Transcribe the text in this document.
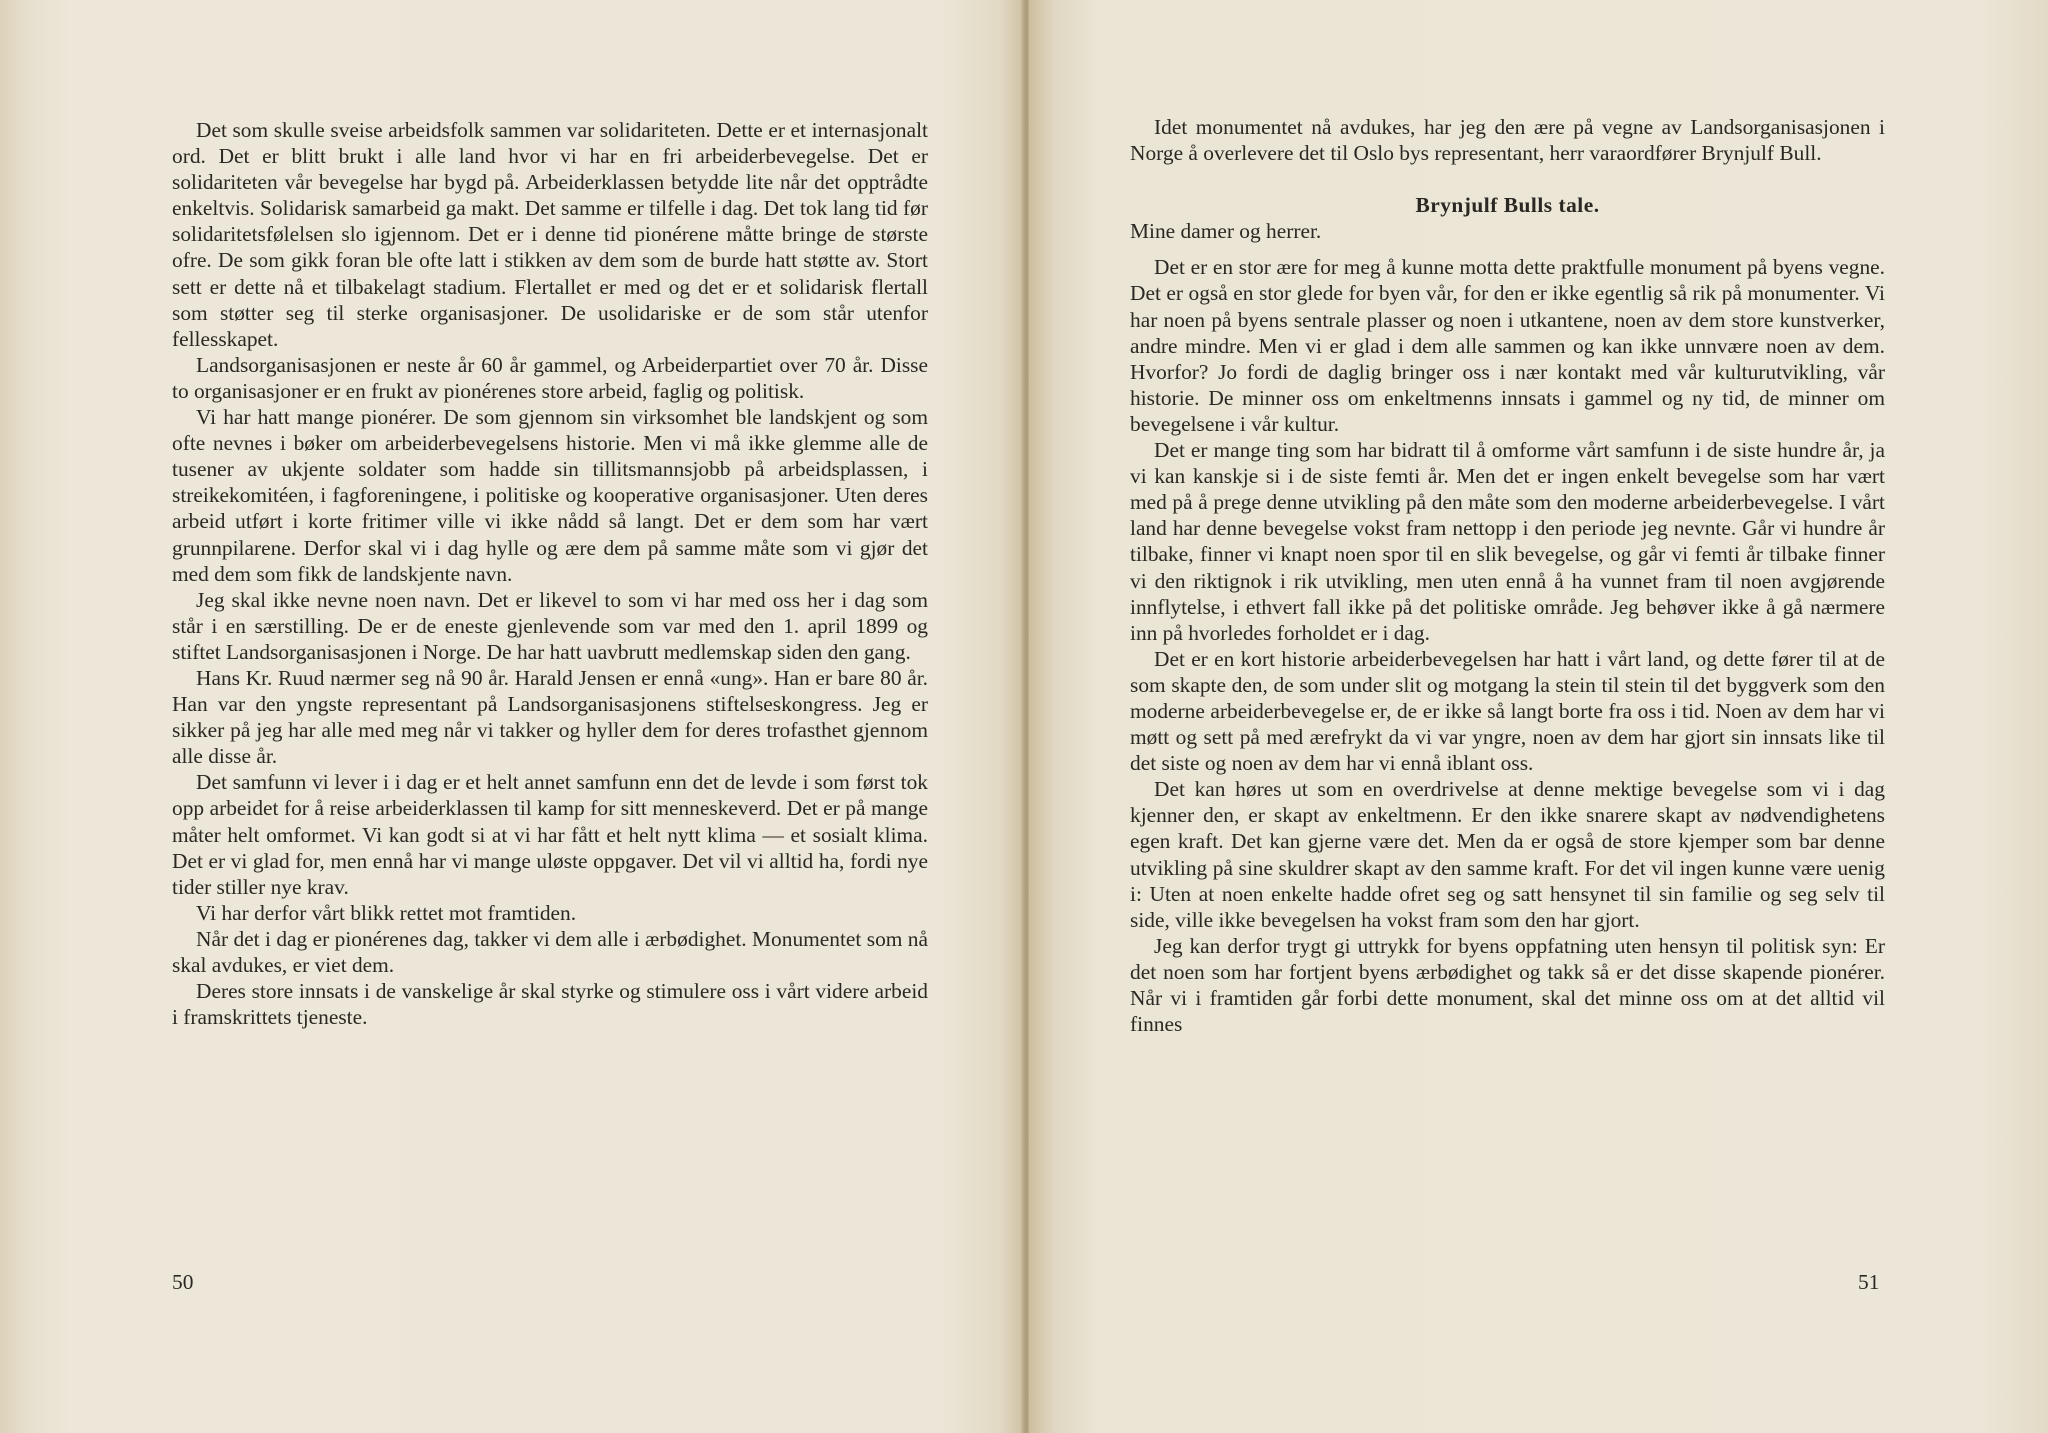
Det som skulle sveise arbeidsfolk sammen var solidariteten. Dette er et internasjonalt ord. Det er blitt brukt i alle land hvor vi har en fri arbeiderbevegelse. Det er solidariteten vår bevegelse har bygd på. Arbeiderklassen betydde lite når det opptrådte enkeltvis. Solidarisk samarbeid ga makt. Det samme er tilfelle i dag. Det tok lang tid før solidaritetsfølelsen slo igjennom. Det er i denne tid pionérene måtte bringe de største ofre. De som gikk foran ble ofte latt i stikken av dem som de burde hatt støtte av. Stort sett er dette nå et tilbakelagt stadium. Flertallet er med og det er et solidarisk flertall som støtter seg til sterke organisasjoner. De usolidariske er de som står utenfor fellesskapet.

Landsorganisasjonen er neste år 60 år gammel, og Arbeiderpartiet over 70 år. Disse to organisasjoner er en frukt av pionérenes store arbeid, faglig og politisk.

Vi har hatt mange pionérer. De som gjennom sin virksomhet ble landskjent og som ofte nevnes i bøker om arbeiderbevegelsens historie. Men vi må ikke glemme alle de tusener av ukjente soldater som hadde sin tillitsmannsjobb på arbeidsplassen, i streikekomitéen, i fagforeningene, i politiske og kooperative organisasjoner. Uten deres arbeid utført i korte fritimer ville vi ikke nådd så langt. Det er dem som har vært grunnpilarene. Derfor skal vi i dag hylle og ære dem på samme måte som vi gjør det med dem som fikk de landskjente navn.

Jeg skal ikke nevne noen navn. Det er likevel to som vi har med oss her i dag som står i en særstilling. De er de eneste gjenlevende som var med den 1. april 1899 og stiftet Landsorganisasjonen i Norge. De har hatt uavbrutt medlemskap siden den gang.

Hans Kr. Ruud nærmer seg nå 90 år. Harald Jensen er ennå «ung». Han er bare 80 år. Han var den yngste representant på Landsorganisasjonens stiftelseskongress. Jeg er sikker på jeg har alle med meg når vi takker og hyller dem for deres trofasthet gjennom alle disse år.

Det samfunn vi lever i i dag er et helt annet samfunn enn det de levde i som først tok opp arbeidet for å reise arbeiderklassen til kamp for sitt menneskeverd. Det er på mange måter helt omformet. Vi kan godt si at vi har fått et helt nytt klima — et sosialt klima. Det er vi glad for, men ennå har vi mange uløste oppgaver. Det vil vi alltid ha, fordi nye tider stiller nye krav.

Vi har derfor vårt blikk rettet mot framtiden.

Når det i dag er pionérenes dag, takker vi dem alle i ærbødighet. Monumentet som nå skal avdukes, er viet dem.

Deres store innsats i de vanskelige år skal styrke og stimulere oss i vårt videre arbeid i framskrittets tjeneste.

50

Idet monumentet nå avdukes, har jeg den ære på vegne av Landsorganisasjonen i Norge å overlevere det til Oslo bys representant, herr varaordfører Brynjulf Bull.

Brynjulf Bulls tale.

Mine damer og herrer.

Det er en stor ære for meg å kunne motta dette praktfulle monument på byens vegne. Det er også en stor glede for byen vår, for den er ikke egentlig så rik på monumenter. Vi har noen på byens sentrale plasser og noen i utkantene, noen av dem store kunstverker, andre mindre. Men vi er glad i dem alle sammen og kan ikke unnvære noen av dem. Hvorfor? Jo fordi de daglig bringer oss i nær kontakt med vår kulturutvikling, vår historie. De minner oss om enkeltmenns innsats i gammel og ny tid, de minner om bevegelsene i vår kultur.

Det er mange ting som har bidratt til å omforme vårt samfunn i de siste hundre år, ja vi kan kanskje si i de siste femti år. Men det er ingen enkelt bevegelse som har vært med på å prege denne utvikling på den måte som den moderne arbeiderbevegelse. I vårt land har denne bevegelse vokst fram nettopp i den periode jeg nevnte. Går vi hundre år tilbake, finner vi knapt noen spor til en slik bevegelse, og går vi femti år tilbake finner vi den riktignok i rik utvikling, men uten ennå å ha vunnet fram til noen avgjørende innflytelse, i ethvert fall ikke på det politiske område. Jeg behøver ikke å gå nærmere inn på hvorledes forholdet er i dag.

Det er en kort historie arbeiderbevegelsen har hatt i vårt land, og dette fører til at de som skapte den, de som under slit og motgang la stein til stein til det byggverk som den moderne arbeiderbevegelse er, de er ikke så langt borte fra oss i tid. Noen av dem har vi møtt og sett på med ærefrykt da vi var yngre, noen av dem har gjort sin innsats like til det siste og noen av dem har vi ennå iblant oss.

Det kan høres ut som en overdrivelse at denne mektige bevegelse som vi i dag kjenner den, er skapt av enkeltmenn. Er den ikke snarere skapt av nødvendighetens egen kraft. Det kan gjerne være det. Men da er også de store kjemper som bar denne utvikling på sine skuldrer skapt av den samme kraft. For det vil ingen kunne være uenig i: Uten at noen enkelte hadde ofret seg og satt hensynet til sin familie og seg selv til side, ville ikke bevegelsen ha vokst fram som den har gjort.

Jeg kan derfor trygt gi uttrykk for byens oppfatning uten hensyn til politisk syn: Er det noen som har fortjent byens ærbødighet og takk så er det disse skapende pionérer. Når vi i framtiden går forbi dette monument, skal det minne oss om at det alltid vil finnes

51
